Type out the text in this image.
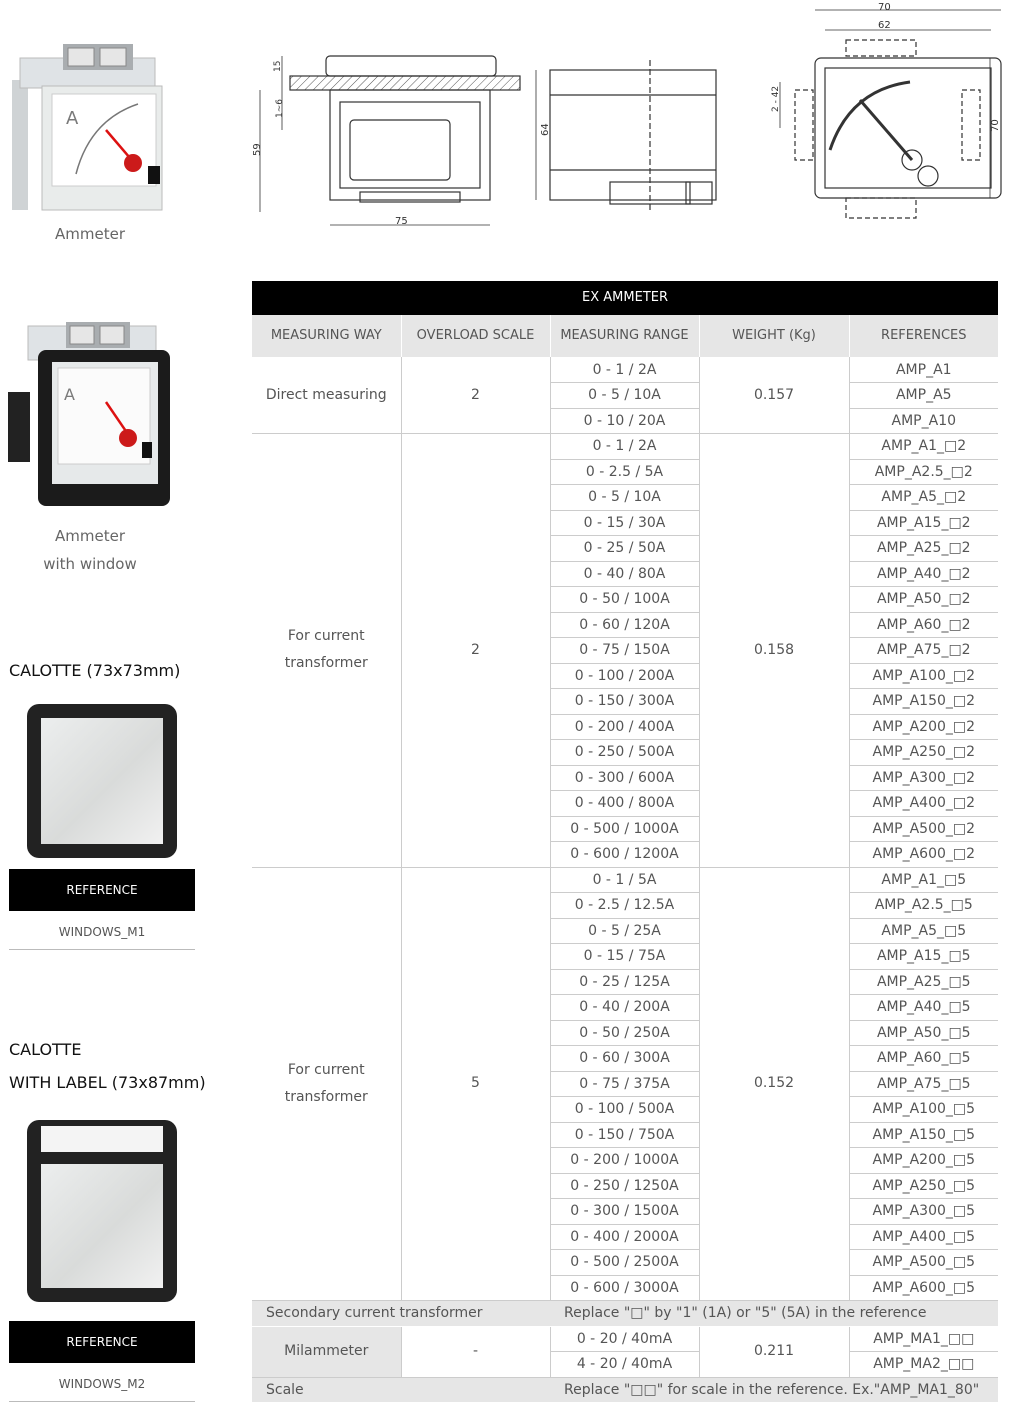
A
Ammeter
A
Ammeter
with window
15
1~6
59
75
64
70
62
2 - 42
70
CALOTTE (73x73mm)
REFERENCE
WINDOWS_M1
CALOTTE
WITH LABEL (73x87mm)
REFERENCE
WINDOWS_M2
EX AMMETER				
MEASURING WAY	OVERLOAD SCALE	MEASURING RANGE	WEIGHT (Kg)	REFERENCES
Direct measuring	2	0 - 1 / 2A	0.157	AMP_A1
		0 - 5 / 10A		AMP_A5
		0 - 10 / 20A		AMP_A10
For current transformer	2	0 - 1 / 2A	0.158	AMP_A1_□2
		0 - 2.5 / 5A		AMP_A2.5_□2
		0 - 5 / 10A		AMP_A5_□2
		0 - 15 / 30A		AMP_A15_□2
		0 - 25 / 50A		AMP_A25_□2
		0 - 40 / 80A		AMP_A40_□2
		0 - 50 / 100A		AMP_A50_□2
		0 - 60 / 120A		AMP_A60_□2
		0 - 75 / 150A		AMP_A75_□2
		0 - 100 / 200A		AMP_A100_□2
		0 - 150 / 300A		AMP_A150_□2
		0 - 200 / 400A		AMP_A200_□2
		0 - 250 / 500A		AMP_A250_□2
		0 - 300 / 600A		AMP_A300_□2
		0 - 400 / 800A		AMP_A400_□2
		0 - 500 / 1000A		AMP_A500_□2
		0 - 600 / 1200A		AMP_A600_□2
For current transformer	5	0 - 1 / 5A	0.152	AMP_A1_□5
		0 - 2.5 / 12.5A		AMP_A2.5_□5
		0 - 5 / 25A		AMP_A5_□5
		0 - 15 / 75A		AMP_A15_□5
		0 - 25 / 125A		AMP_A25_□5
		0 - 40 / 200A		AMP_A40_□5
		0 - 50 / 250A		AMP_A50_□5
		0 - 60 / 300A		AMP_A60_□5
		0 - 75 / 375A		AMP_A75_□5
		0 - 100 / 500A		AMP_A100_□5
		0 - 150 / 750A		AMP_A150_□5
		0 - 200 / 1000A		AMP_A200_□5
		0 - 250 / 1250A		AMP_A250_□5
		0 - 300 / 1500A		AMP_A300_□5
		0 - 400 / 2000A		AMP_A400_□5
		0 - 500 / 2500A		AMP_A500_□5
		0 - 600 / 3000A		AMP_A600_□5
Secondary current transformer		Replace "□" by "1" (1A) or "5" (5A) in the reference		
Milammeter	-	0 - 20 / 40mA	0.211	AMP_MA1_□□
		4 - 20 / 40mA		AMP_MA2_□□
Scale		Replace "□□" for scale in the reference. Ex."AMP_MA1_80"		
